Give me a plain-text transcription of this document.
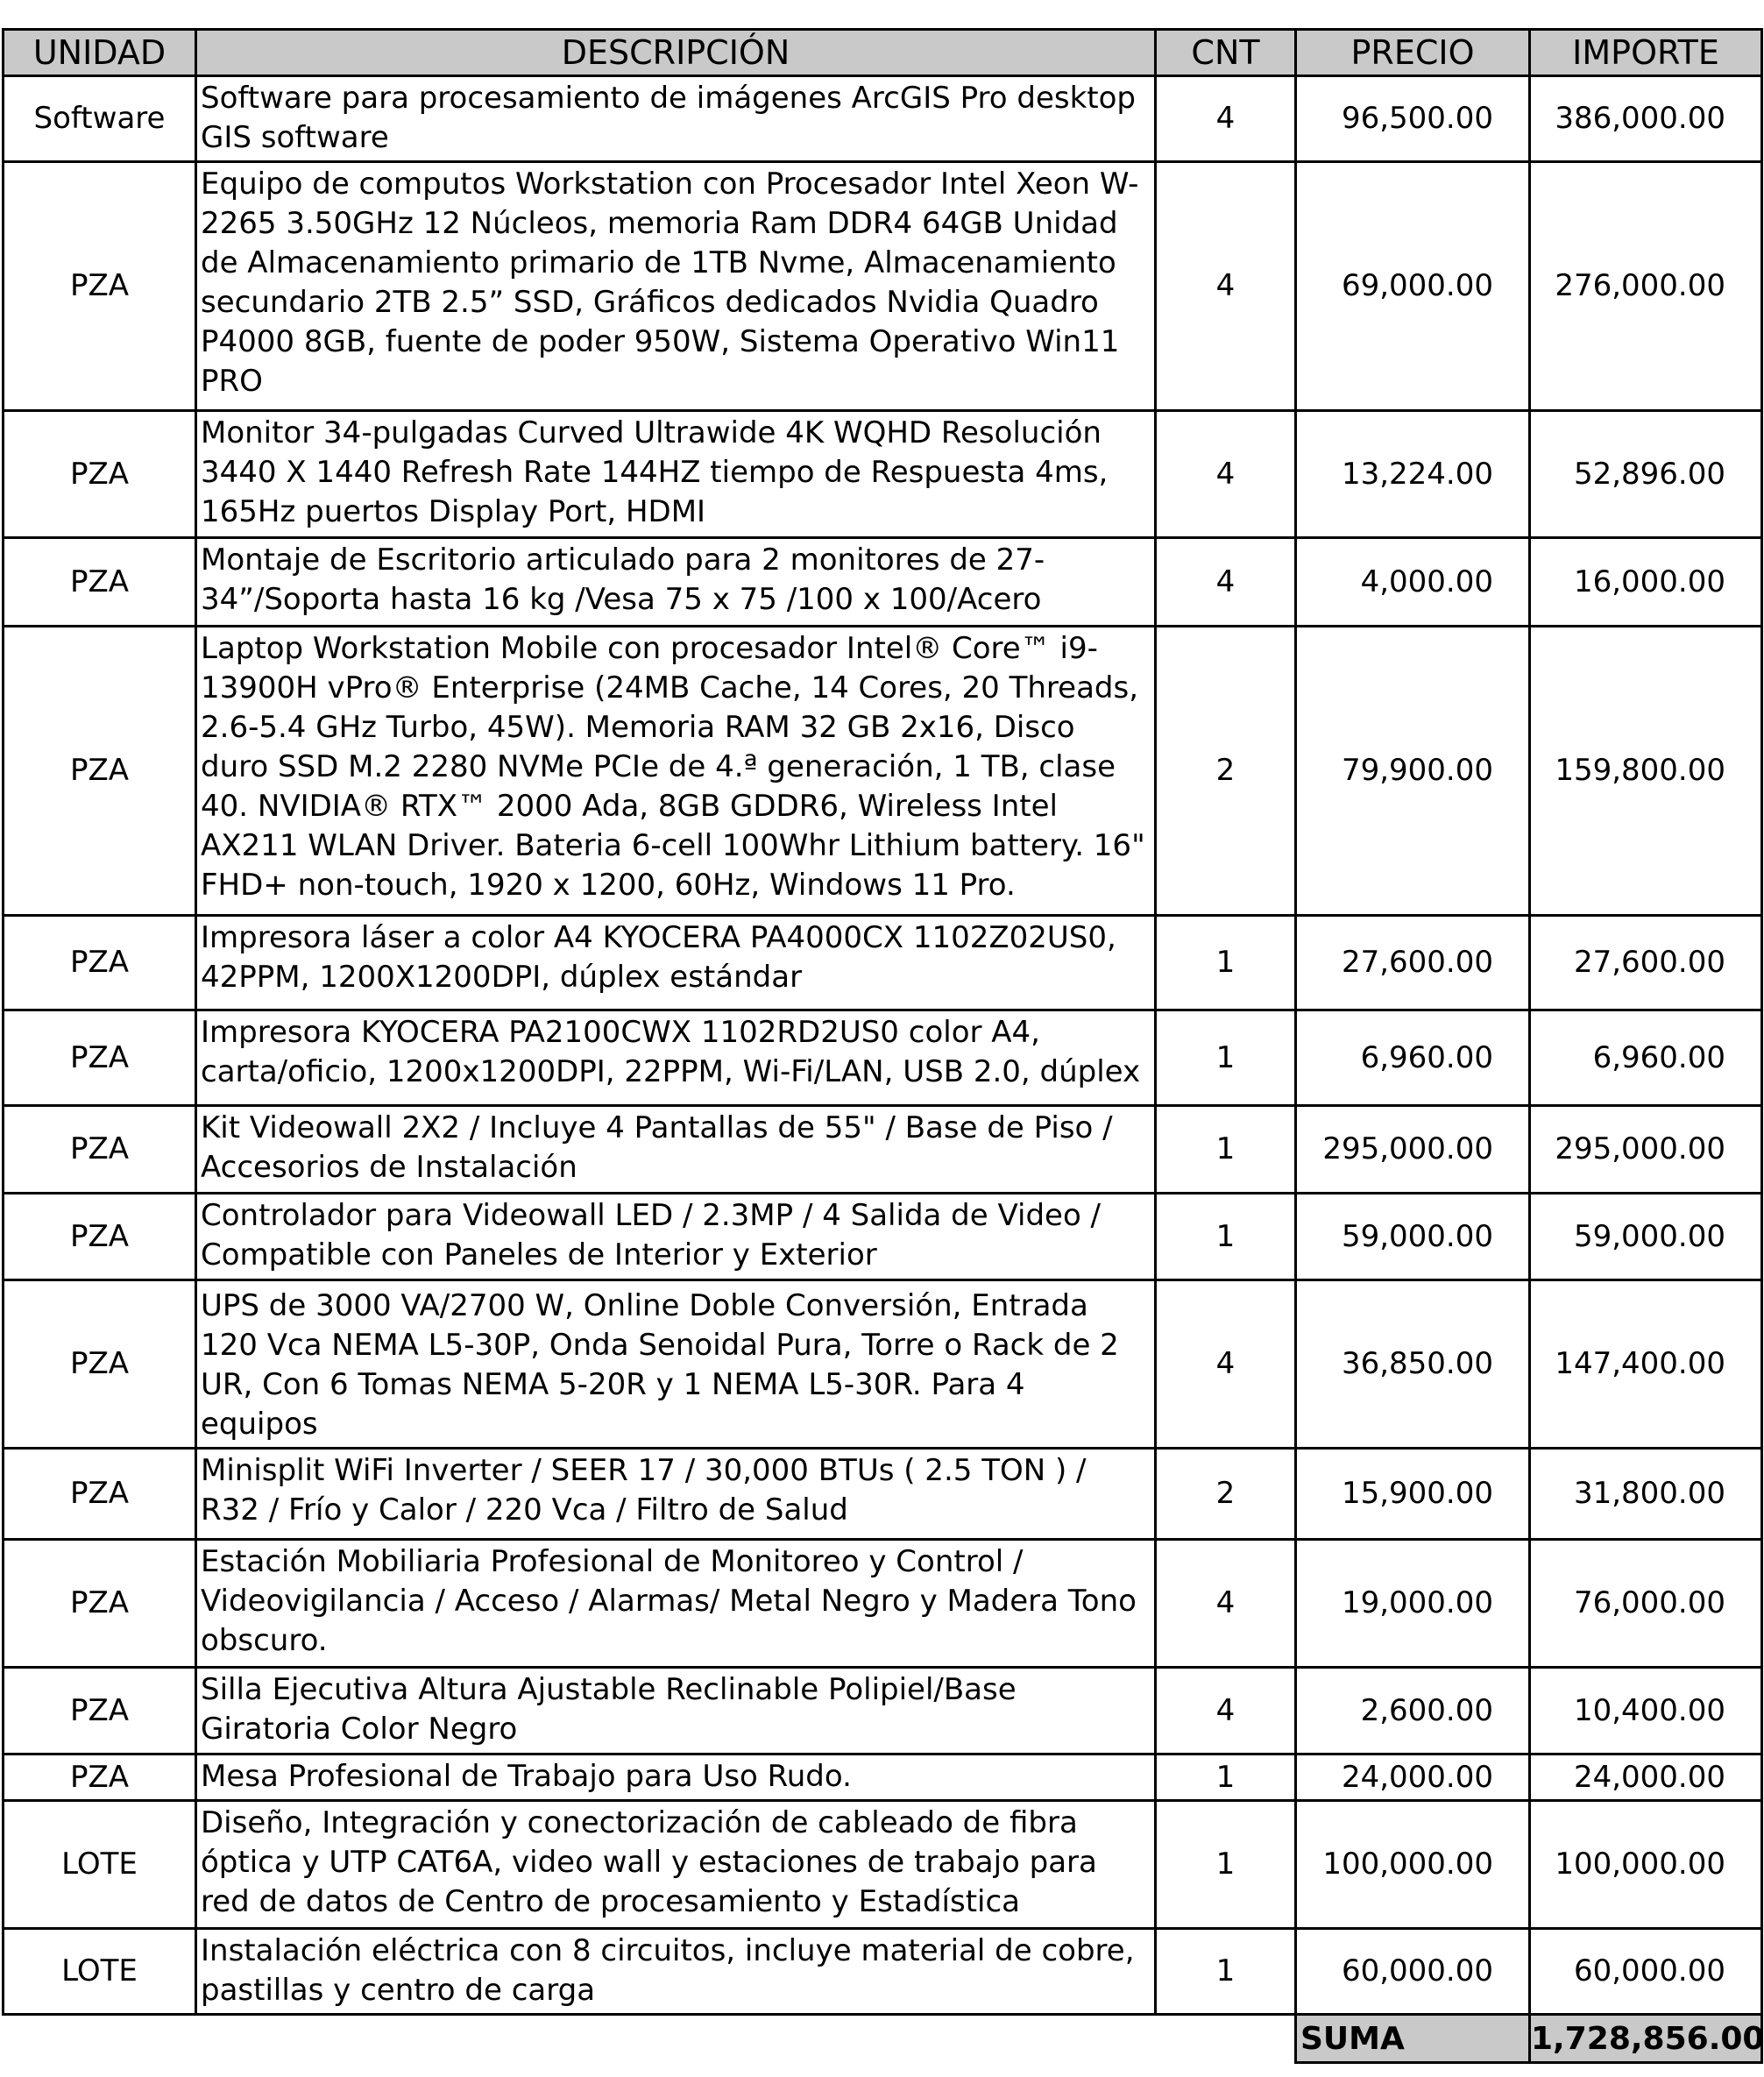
UNIDAD	DESCRIPCIÓN	CNT	PRECIO	IMPORTE
Software	Software para procesamiento de imágenes ArcGIS Pro desktop GIS software	4	96,500.00	386,000.00
PZA	Equipo de computos Workstation con Procesador Intel Xeon W-2265 3.50GHz 12 Núcleos, memoria Ram DDR4 64GB Unidad de Almacenamiento primario de 1TB Nvme, Almacenamiento secundario 2TB 2.5” SSD, Gráficos dedicados Nvidia Quadro P4000 8GB, fuente de poder 950W, Sistema Operativo Win11 PRO	4	69,000.00	276,000.00
PZA	Monitor 34-pulgadas Curved Ultrawide 4K WQHD Resolución 3440 X 1440 Refresh Rate 144HZ tiempo de Respuesta 4ms, 165Hz puertos Display Port, HDMI	4	13,224.00	52,896.00
PZA	Montaje de Escritorio articulado para 2 monitores de 27-34”/Soporta hasta 16 kg /Vesa 75 x 75 /100 x 100/Acero	4	4,000.00	16,000.00
PZA	Laptop Workstation Mobile con procesador Intel® Core™ i9-13900H vPro® Enterprise (24MB Cache, 14 Cores, 20 Threads, 2.6-5.4 GHz Turbo, 45W). Memoria RAM 32 GB 2x16, Disco duro SSD M.2 2280 NVMe PCIe de 4.ª generación, 1 TB, clase 40. NVIDIA® RTX™ 2000 Ada, 8GB GDDR6, Wireless Intel AX211 WLAN Driver. Bateria 6-cell 100Whr Lithium battery. 16" FHD+ non-touch, 1920 x 1200, 60Hz, Windows 11 Pro.	2	79,900.00	159,800.00
PZA	Impresora láser a color A4 KYOCERA PA4000CX 1102Z02US0, 42PPM, 1200X1200DPI, dúplex estándar	1	27,600.00	27,600.00
PZA	Impresora KYOCERA PA2100CWX 1102RD2US0 color A4, carta/oficio, 1200x1200DPI, 22PPM, Wi-Fi/LAN, USB 2.0, dúplex	1	6,960.00	6,960.00
PZA	Kit Videowall 2X2 / Incluye 4 Pantallas de 55" / Base de Piso / Accesorios de Instalación	1	295,000.00	295,000.00
PZA	Controlador para Videowall LED / 2.3MP / 4 Salida de Video / Compatible con Paneles de Interior y Exterior	1	59,000.00	59,000.00
PZA	UPS de 3000 VA/2700 W, Online Doble Conversión, Entrada 120 Vca NEMA L5-30P, Onda Senoidal Pura, Torre o Rack de 2 UR, Con 6 Tomas NEMA 5-20R y 1 NEMA L5-30R. Para 4 equipos	4	36,850.00	147,400.00
PZA	Minisplit WiFi Inverter / SEER 17 / 30,000 BTUs ( 2.5 TON ) / R32 / Frío y Calor / 220 Vca / Filtro de Salud	2	15,900.00	31,800.00
PZA	Estación Mobiliaria Profesional de Monitoreo y Control / Videovigilancia / Acceso / Alarmas/ Metal Negro y Madera Tono obscuro.	4	19,000.00	76,000.00
PZA	Silla Ejecutiva Altura Ajustable Reclinable Polipiel/Base Giratoria Color Negro	4	2,600.00	10,400.00
PZA	Mesa Profesional de Trabajo para Uso Rudo.	1	24,000.00	24,000.00
LOTE	Diseño, Integración y conectorización de cableado de fibra óptica y UTP CAT6A, video wall y estaciones de trabajo para red de datos de Centro de procesamiento y Estadística	1	100,000.00	100,000.00
LOTE	Instalación eléctrica con 8 circuitos, incluye material de cobre, pastillas y centro de carga	1	60,000.00	60,000.00
			SUMA	1,728,856.00
